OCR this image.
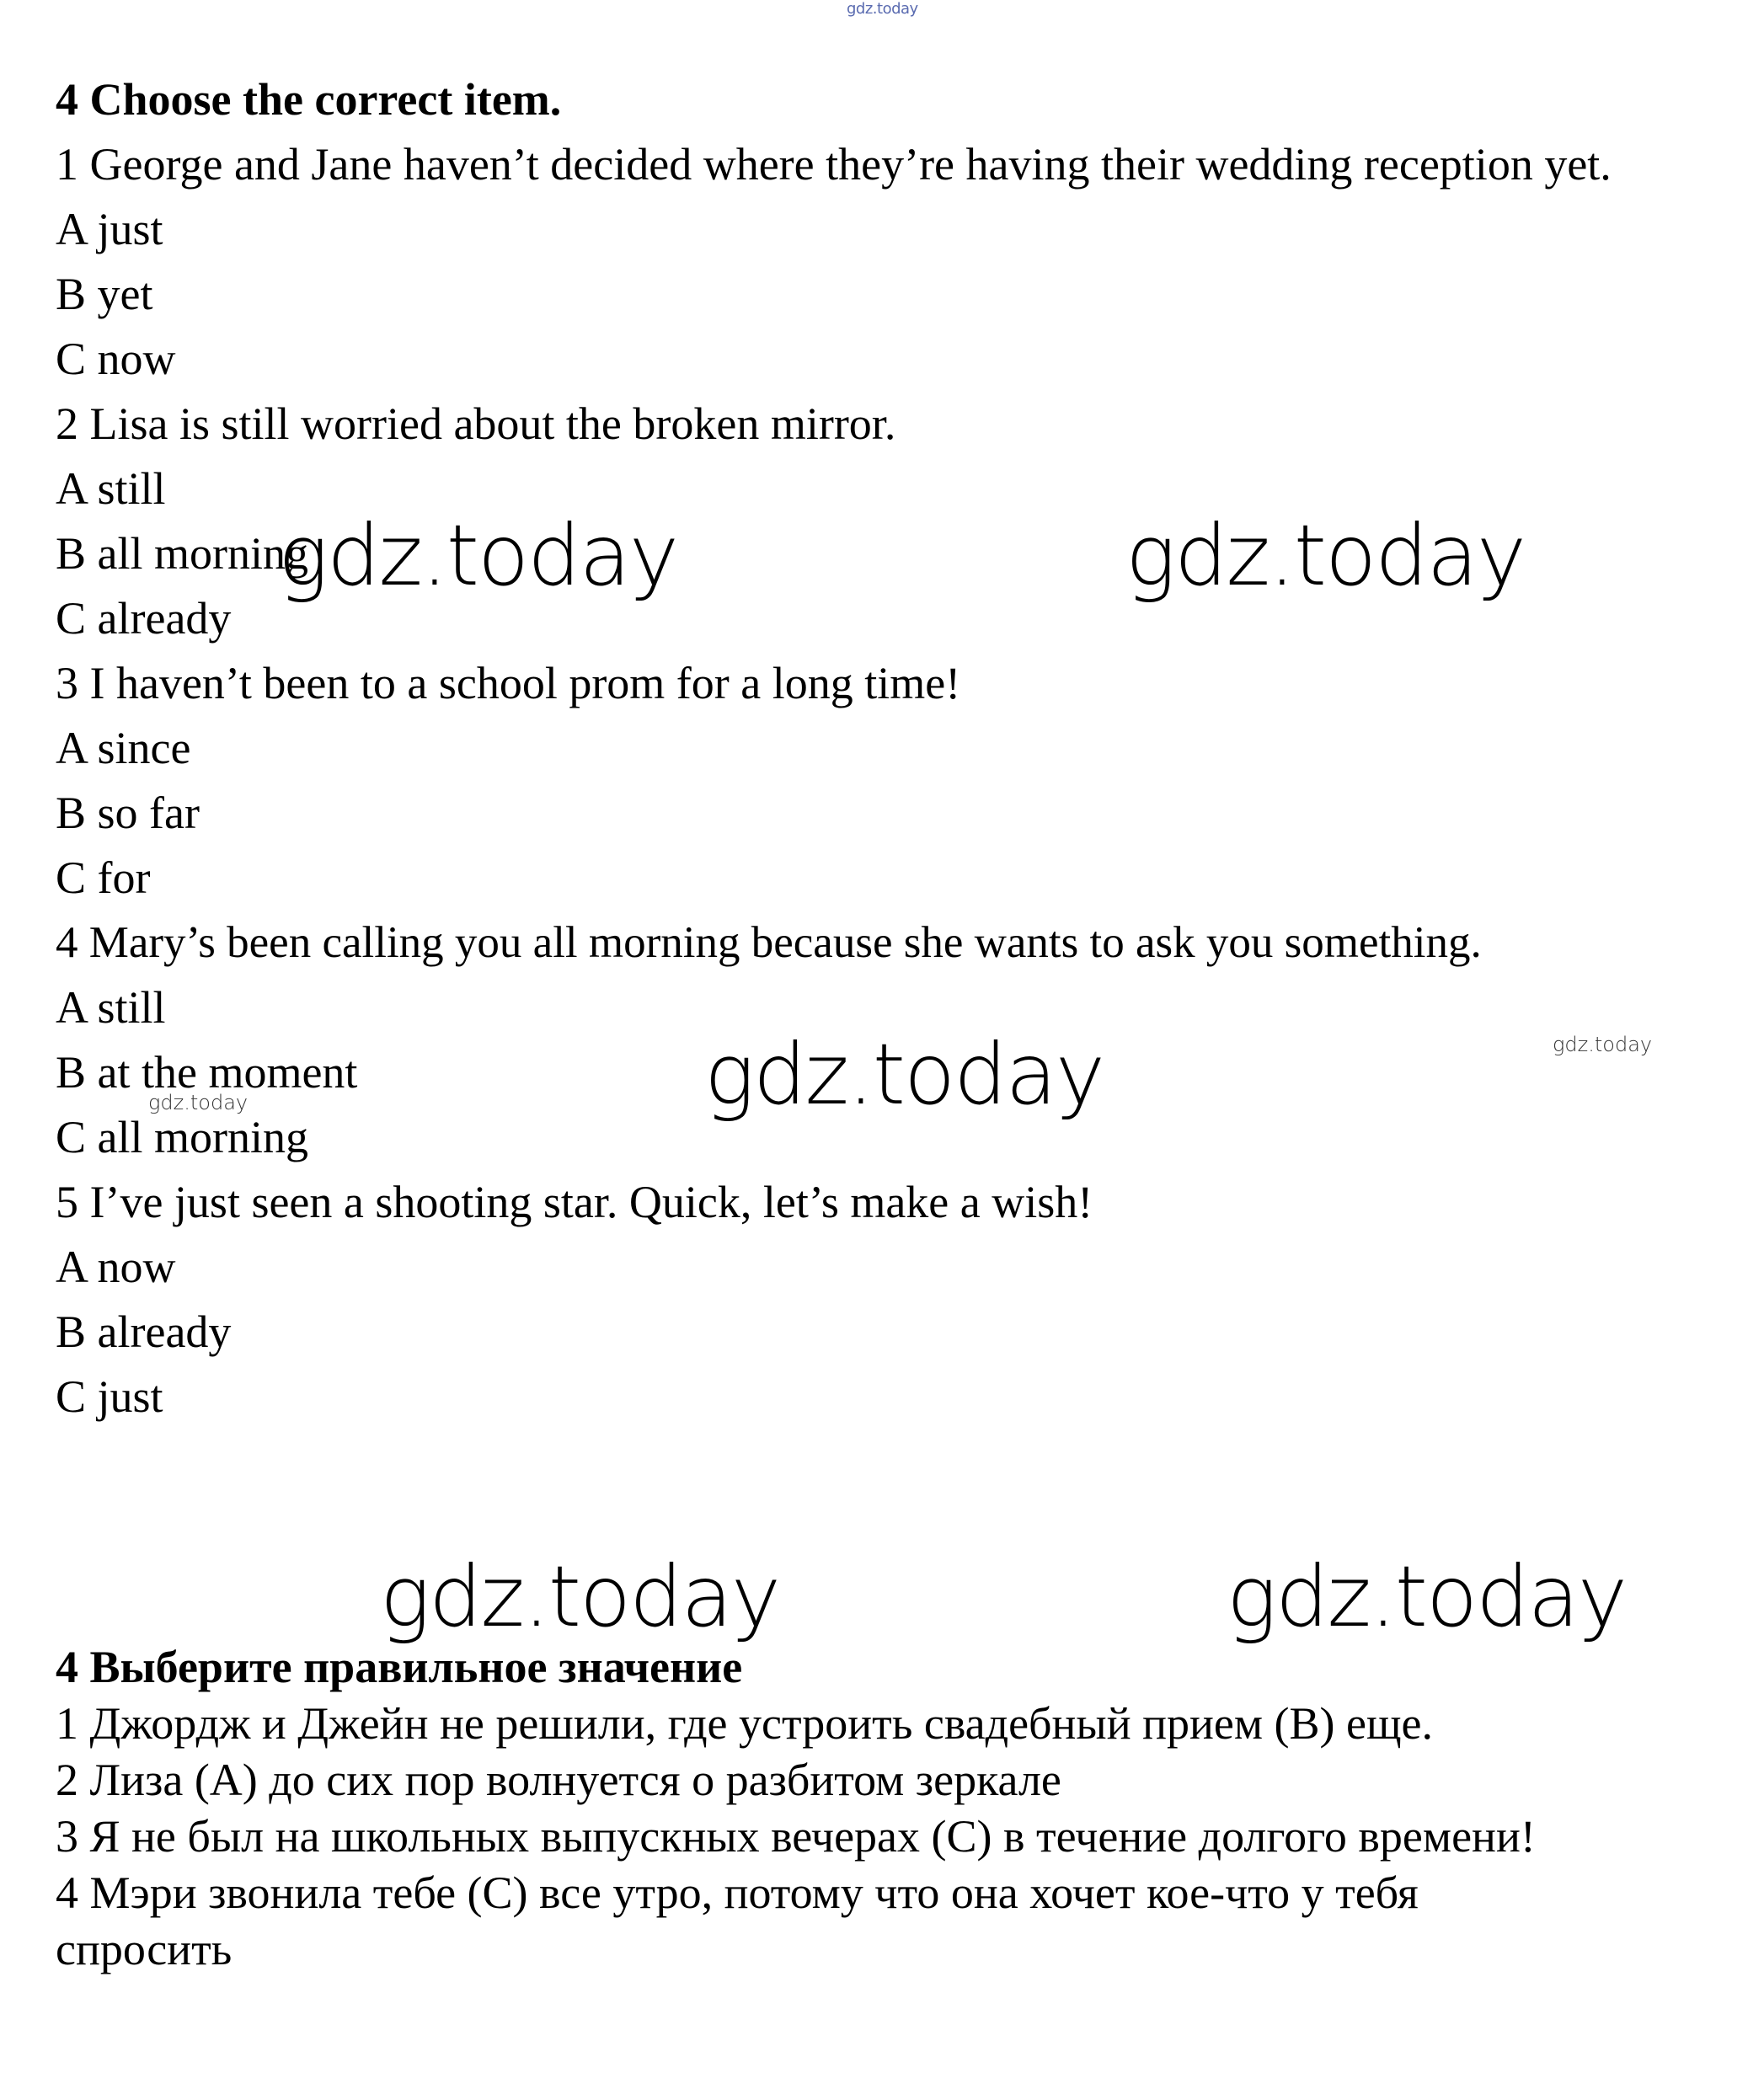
gdz.today
4 Choose the correct item.
1 George and Jane haven’t decided where they’re having their wedding reception yet.
A just
B yet
C now
2 Lisa is still worried about the broken mirror.
A still
B all morning
C already
3 I haven’t been to a school prom for a long time!
A since
B so far
C for
4 Mary’s been calling you all morning because she wants to ask you something.
A still
B at the moment
C all morning
5 I’ve just seen a shooting star. Quick, let’s make a wish!
A now
B already
C just
4 Выберите правильное значение
1 Джордж и Джейн не решили, где устроить свадебный прием (B) еще.
2 Лиза (A) до сих пор волнуется о разбитом зеркале
3 Я не был на школьных выпускных вечерах (C) в течение долгого времени!
4 Мэри звонила тебе (C) все утро, потому что она хочет кое-что у тебя спросить
gdz.today	gdz.today
gdz.today
gdz.today	gdz.today
gdz.today
gdz.today
